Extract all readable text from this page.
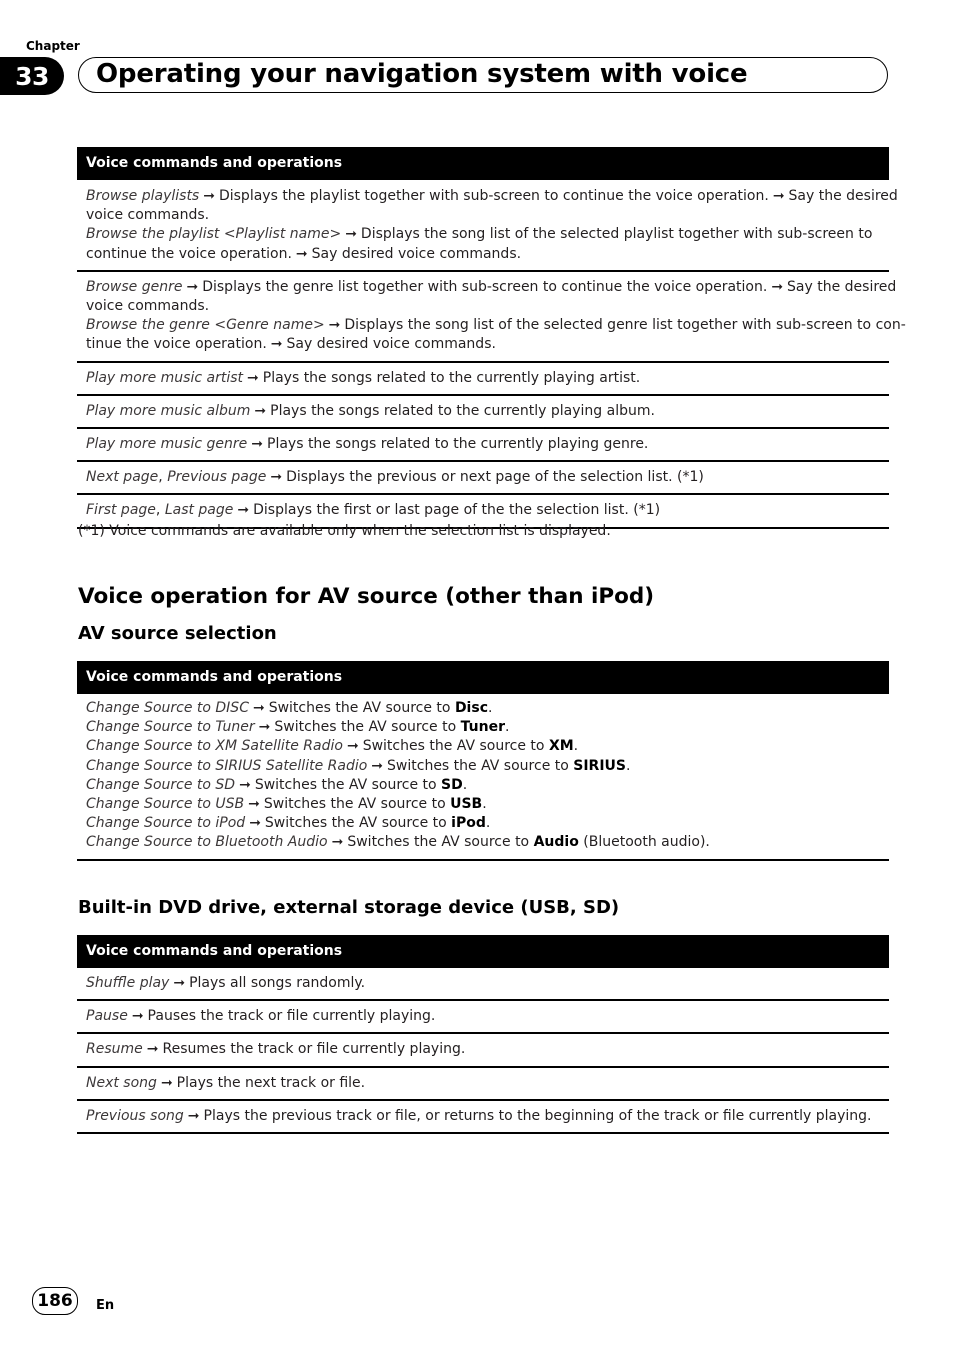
Chapter
33	Operating your navigation system with voice
Voice commands and operations
Browse playlists ➞ Displays the playlist together with sub-screen to continue the voice operation. ➞ Say the desired
voice commands.
Browse the playlist <Playlist name> ➞ Displays the song list of the selected playlist together with sub-screen to
continue the voice operation. ➞ Say desired voice commands.
Browse genre ➞ Displays the genre list together with sub-screen to continue the voice operation. ➞ Say the desired
voice commands.
Browse the genre <Genre name> ➞ Displays the song list of the selected genre list together with sub-screen to con-
tinue the voice operation. ➞ Say desired voice commands.
Play more music artist ➞ Plays the songs related to the currently playing artist.
Play more music album ➞ Plays the songs related to the currently playing album.
Play more music genre ➞ Plays the songs related to the currently playing genre.
Next page, Previous page ➞ Displays the previous or next page of the selection list. (*1)
First page, Last page ➞ Displays the first or last page of the the selection list. (*1)
(*1) Voice commands are available only when the selection list is displayed.
Voice operation for AV source (other than iPod)
AV source selection
Voice commands and operations
Change Source to DISC ➞ Switches the AV source to Disc.
Change Source to Tuner ➞ Switches the AV source to Tuner.
Change Source to XM Satellite Radio ➞ Switches the AV source to XM.
Change Source to SIRIUS Satellite Radio ➞ Switches the AV source to SIRIUS.
Change Source to SD ➞ Switches the AV source to SD.
Change Source to USB ➞ Switches the AV source to USB.
Change Source to iPod ➞ Switches the AV source to iPod.
Change Source to Bluetooth Audio ➞ Switches the AV source to Audio (Bluetooth audio).
Built-in DVD drive, external storage device (USB, SD)
Voice commands and operations
Shuffle play ➞ Plays all songs randomly.
Pause ➞ Pauses the track or file currently playing.
Resume ➞ Resumes the track or file currently playing.
Next song ➞ Plays the next track or file.
Previous song ➞ Plays the previous track or file, or returns to the beginning of the track or file currently playing.
186	En
